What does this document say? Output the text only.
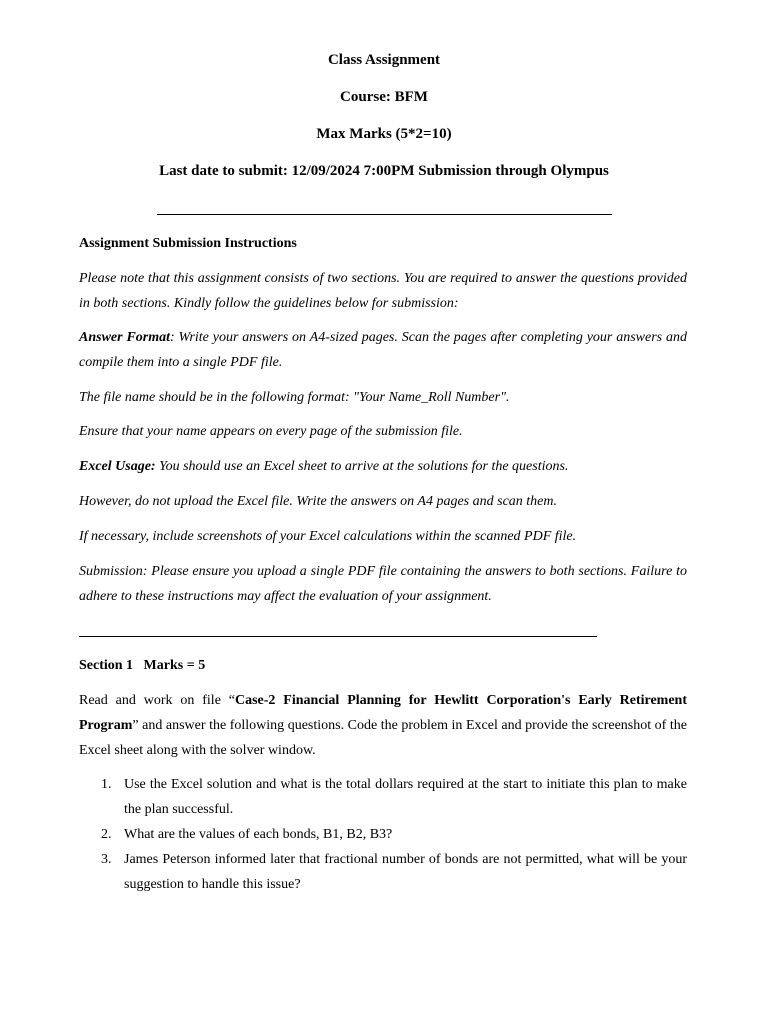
Class Assignment
Course: BFM
Max Marks (5*2=10)
Last date to submit: 12/09/2024 7:00PM Submission through Olympus
Assignment Submission Instructions
Please note that this assignment consists of two sections. You are required to answer the questions provided in both sections. Kindly follow the guidelines below for submission:
Answer Format: Write your answers on A4-sized pages. Scan the pages after completing your answers and compile them into a single PDF file.
The file name should be in the following format: "Your Name_Roll Number".
Ensure that your name appears on every page of the submission file.
Excel Usage: You should use an Excel sheet to arrive at the solutions for the questions.
However, do not upload the Excel file. Write the answers on A4 pages and scan them.
If necessary, include screenshots of your Excel calculations within the scanned PDF file.
Submission: Please ensure you upload a single PDF file containing the answers to both sections. Failure to adhere to these instructions may affect the evaluation of your assignment.
Section 1   Marks = 5
Read and work on file “Case-2 Financial Planning for Hewlitt Corporation's Early Retirement Program” and answer the following questions. Code the problem in Excel and provide the screenshot of the Excel sheet along with the solver window.
1. Use the Excel solution and what is the total dollars required at the start to initiate this plan to make the plan successful.
2. What are the values of each bonds, B1, B2, B3?
3. James Peterson informed later that fractional number of bonds are not permitted, what will be your suggestion to handle this issue?
